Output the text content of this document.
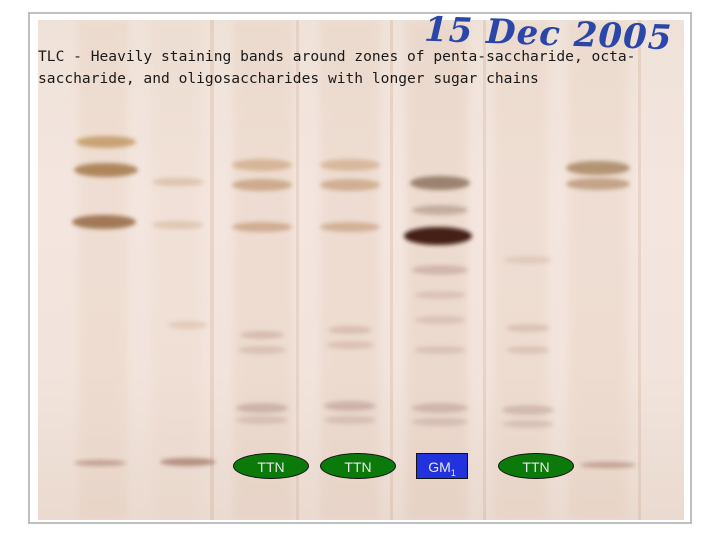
15 Dec 2005
TLC - Heavily staining bands around zones of penta-saccharide, octa-saccharide, and oligosaccharides with longer sugar chains
TTN	TTN	$GM_1$	TTN
